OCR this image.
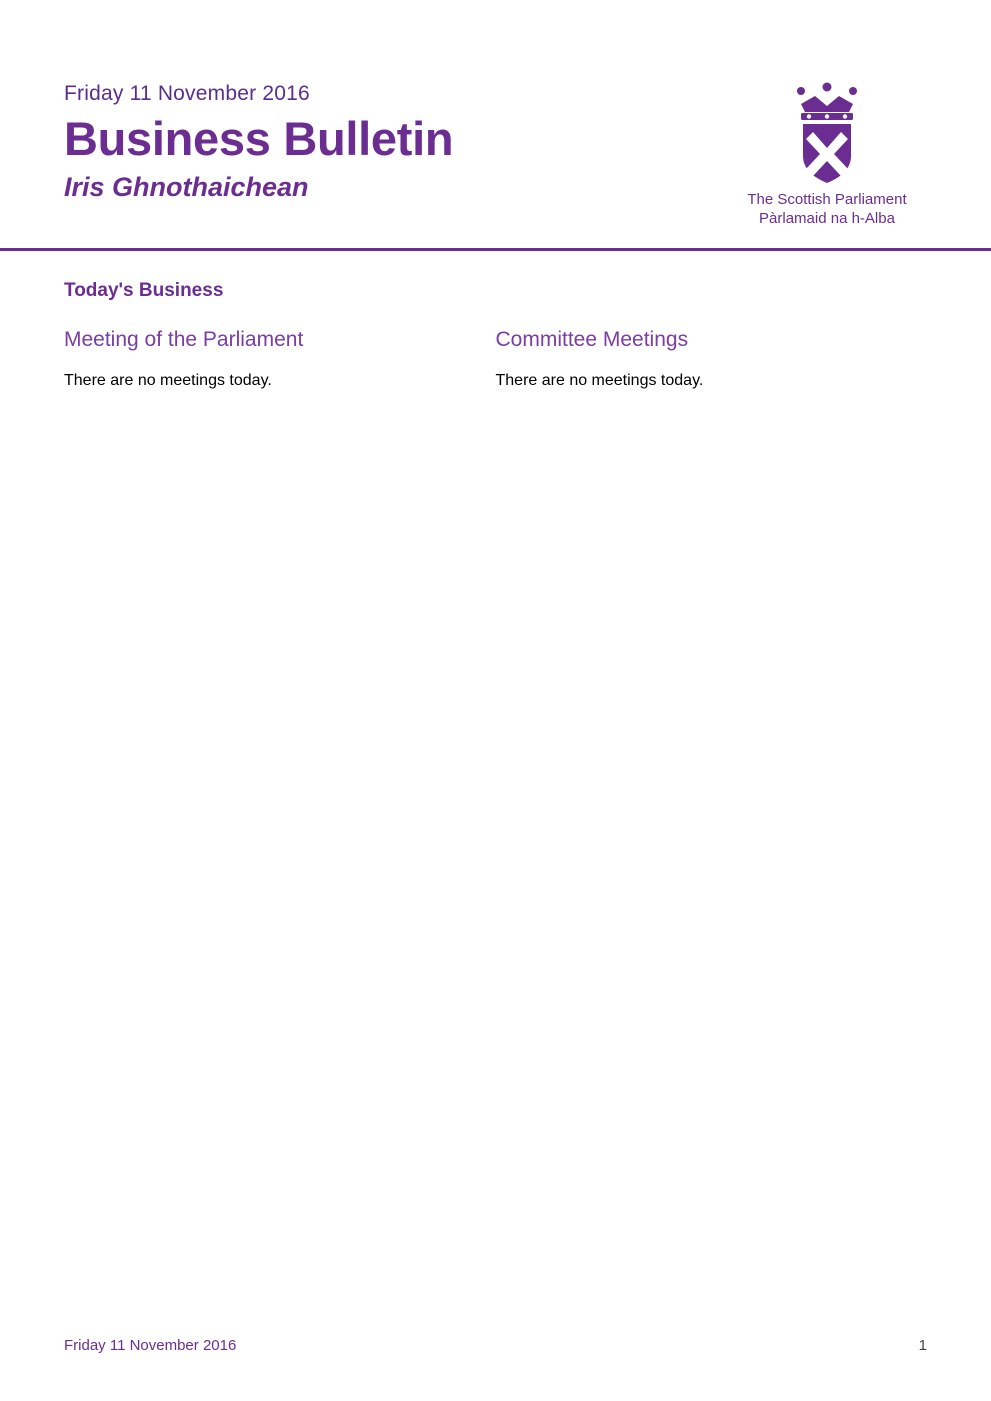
Friday 11 November 2016
Business Bulletin
Iris Ghnothaichean	The Scottish Parliament
Pàrlamaid na h-Alba
Today's Business
Meeting of the Parliament
There are no meetings today.
Committee Meetings
There are no meetings today.
Friday 11 November 2016	1
